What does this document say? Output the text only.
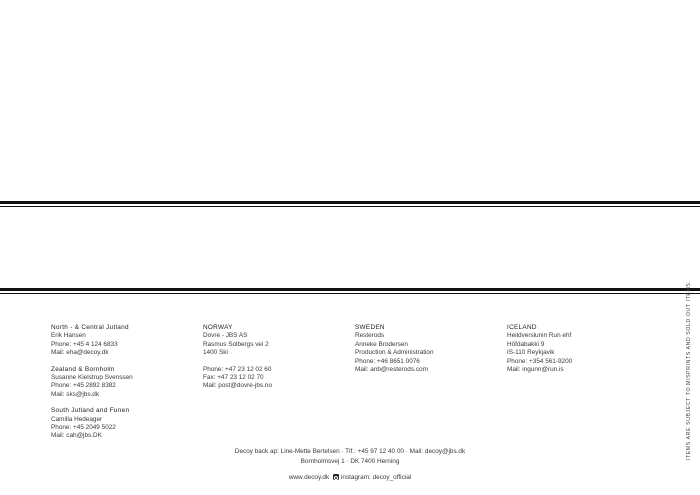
North - & Central Jutland
Erik Hansen
Phone: +45 4 124 6833
Mail: eha@decoy.dk
Zealand & Bornholm
Susanne Kielstrup Svenssen
Phone: +45 2892 8382
Mail: sks@jbs.dk
South Jutland and Funen
Camilla Hedeager
Phone: +45 2049 5022
Mail: cah@jbs.DK
NORWAY
Dovre - JBS AS
Rasmus Solbergs vei 2
1400 Ski
Phone: +47 23 12 02 60
Fax: +47 23 12 02 70
Mail: post@dovre-jbs.no
SWEDEN
Resterods
Anneke Brodersen
Production & Administration
Phone: +46 8651 0076
Mail: anb@resterods.com
ICELAND
Heildverslunin Run ehf
Höfdabakki 9
IS-110 Reykjavik
Phone: +354 561-9200
Mail: ingunn@run.is	ITEMS ARE SUBJECT TO MISPRINTS AND SOLD OUT ITEMS.
Decoy back ap: Line-Mette Bertelsen · Tlf.: +45 97 12 40 00 · Mail: decoy@jbs.dk
Bornholmsvej 1 · DK 7400 Herning
www.decoy.dk instagram: decoy_official
